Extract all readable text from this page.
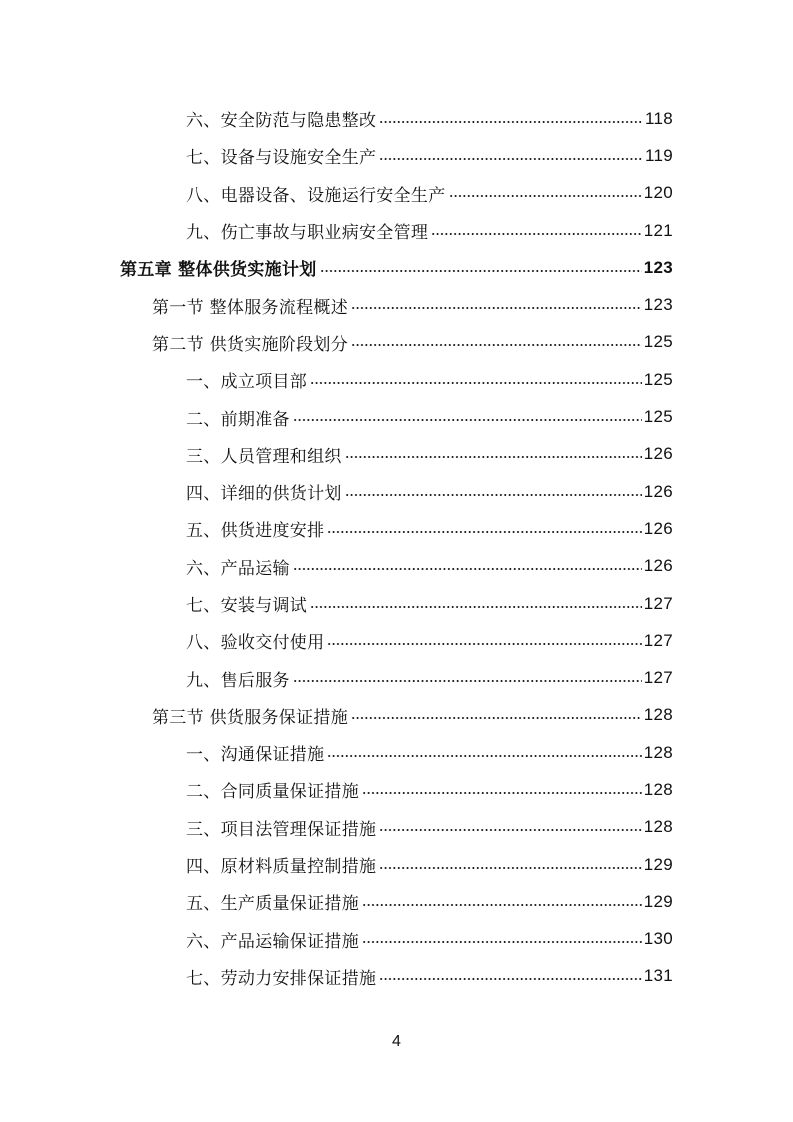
六、安全防范与隐患整改	118
七、设备与设施安全生产	119
八、电器设备、设施运行安全生产	120
九、伤亡事故与职业病安全管理	121
第五章 整体供货实施计划	123
第一节 整体服务流程概述	123
第二节 供货实施阶段划分	125
一、成立项目部	125
二、前期准备	125
三、人员管理和组织	126
四、详细的供货计划	126
五、供货进度安排	126
六、产品运输	126
七、安装与调试	127
八、验收交付使用	127
九、售后服务	127
第三节 供货服务保证措施	128
一、沟通保证措施	128
二、合同质量保证措施	128
三、项目法管理保证措施	128
四、原材料质量控制措施	129
五、生产质量保证措施	129
六、产品运输保证措施	130
七、劳动力安排保证措施	131
4
